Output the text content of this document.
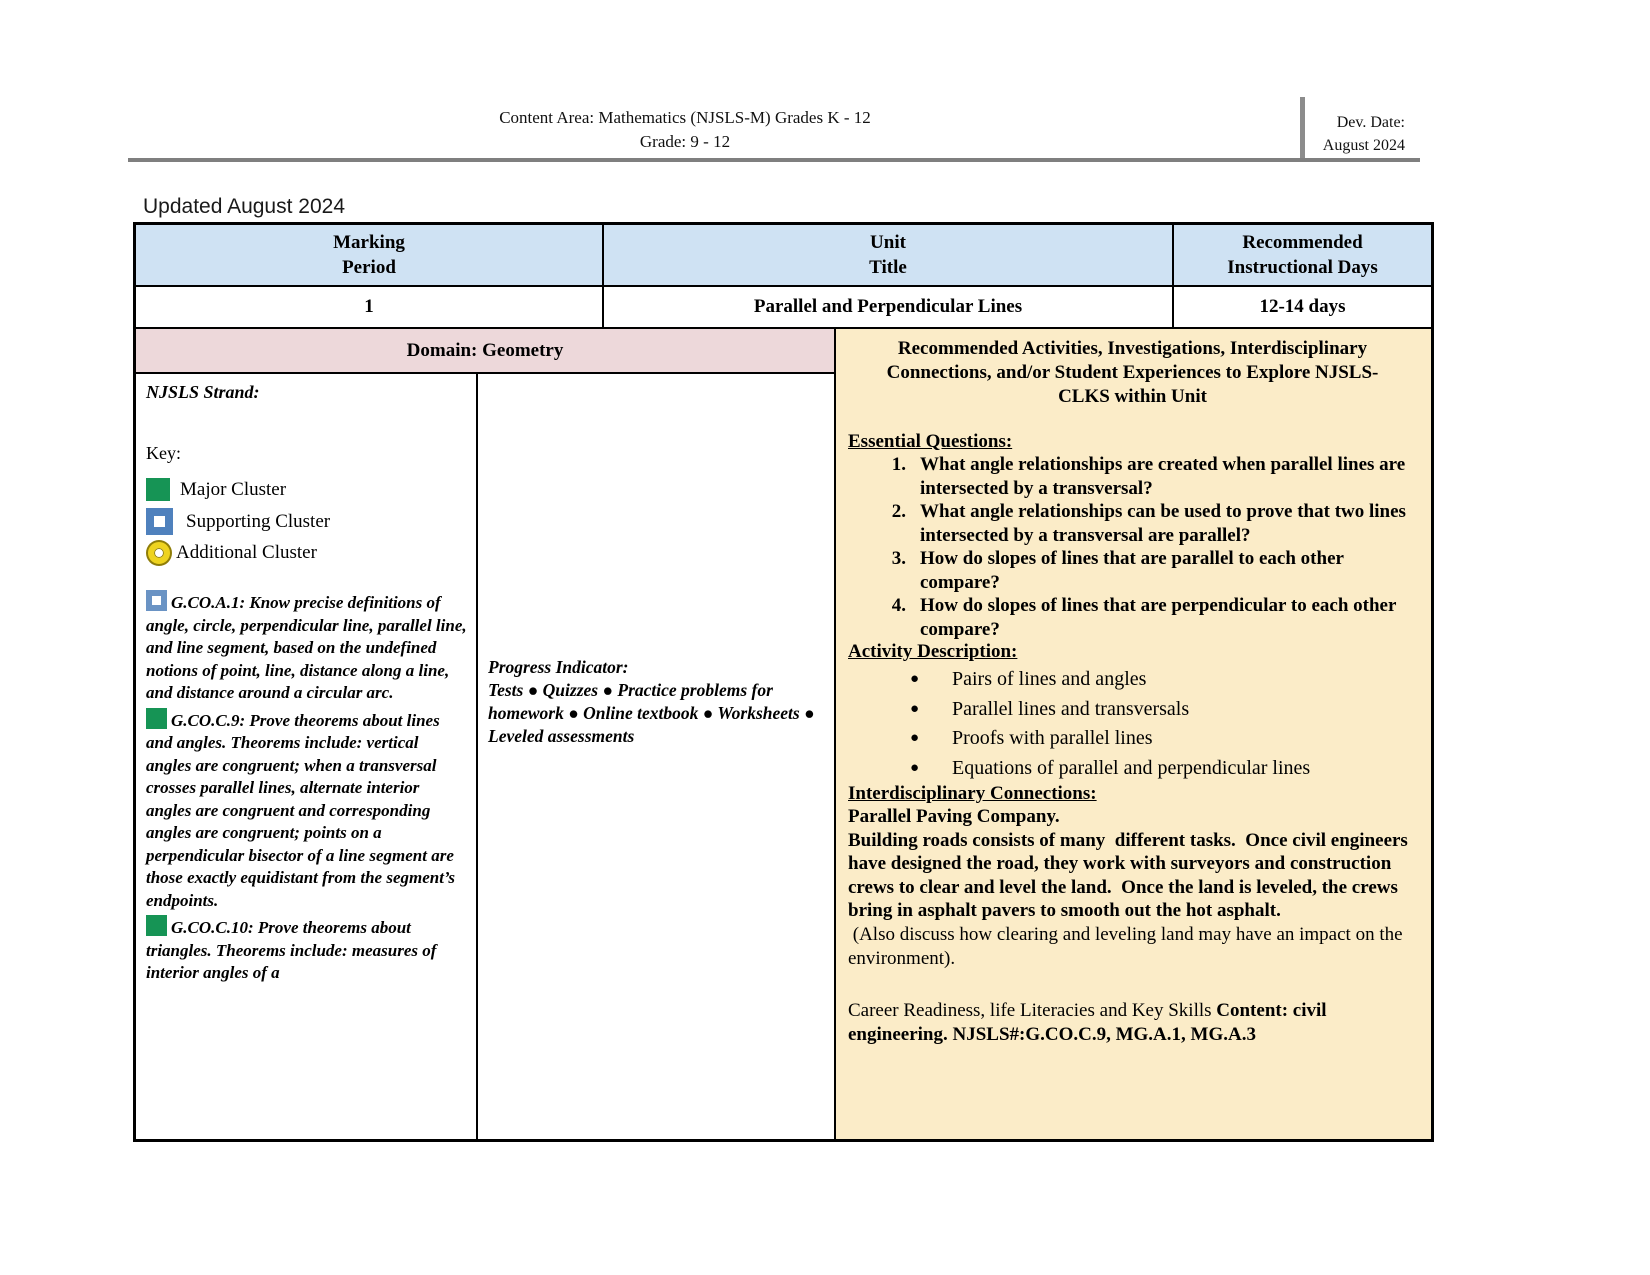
Content Area: Mathematics (NJSLS-M) Grades K - 12
Grade: 9 - 12
Dev. Date:
August 2024
Updated August 2024
Marking
Period
Unit
Title
Recommended
Instructional Days
1	Parallel and Perpendicular Lines	12-14 days
Domain: Geometry
NJSLS Strand:
Key:
Major Cluster
Supporting Cluster
Additional Cluster
G.CO.A.1: Know precise definitions of angle, circle, perpendicular line, parallel line, and line segment, based on the undefined notions of point, line, distance along a line, and distance around a circular arc.
G.CO.C.9: Prove theorems about lines and angles. Theorems include: vertical angles are congruent; when a transversal crosses parallel lines, alternate interior angles are congruent and corresponding angles are congruent; points on a perpendicular bisector of a line segment are those exactly equidistant from the segment’s endpoints.
G.CO.C.10: Prove theorems about triangles. Theorems include: measures of interior angles of a
Progress Indicator:
Tests ● Quizzes ● Practice problems for homework ● Online textbook ● Worksheets ● Leveled assessments
Recommended Activities, Investigations, Interdisciplinary Connections, and/or Student Experiences to Explore NJSLS-CLKS within Unit
Essential Questions:
1. What angle relationships are created when parallel lines are intersected by a transversal?
2. What angle relationships can be used to prove that two lines intersected by a transversal are parallel?
3. How do slopes of lines that are parallel to each other compare?
4. How do slopes of lines that are perpendicular to each other compare?
Activity Description:
● Pairs of lines and angles
● Parallel lines and transversals
● Proofs with parallel lines
● Equations of parallel and perpendicular lines
Interdisciplinary Connections:
Parallel Paving Company.
Building roads consists of many  different tasks.  Once civil engineers have designed the road, they work with surveyors and construction crews to clear and level the land.  Once the land is leveled, the crews bring in asphalt pavers to smooth out the hot asphalt.
(Also discuss how clearing and leveling land may have an impact on the environment).
Career Readiness, life Literacies and Key Skills Content: civil engineering. NJSLS#:G.CO.C.9, MG.A.1, MG.A.3
